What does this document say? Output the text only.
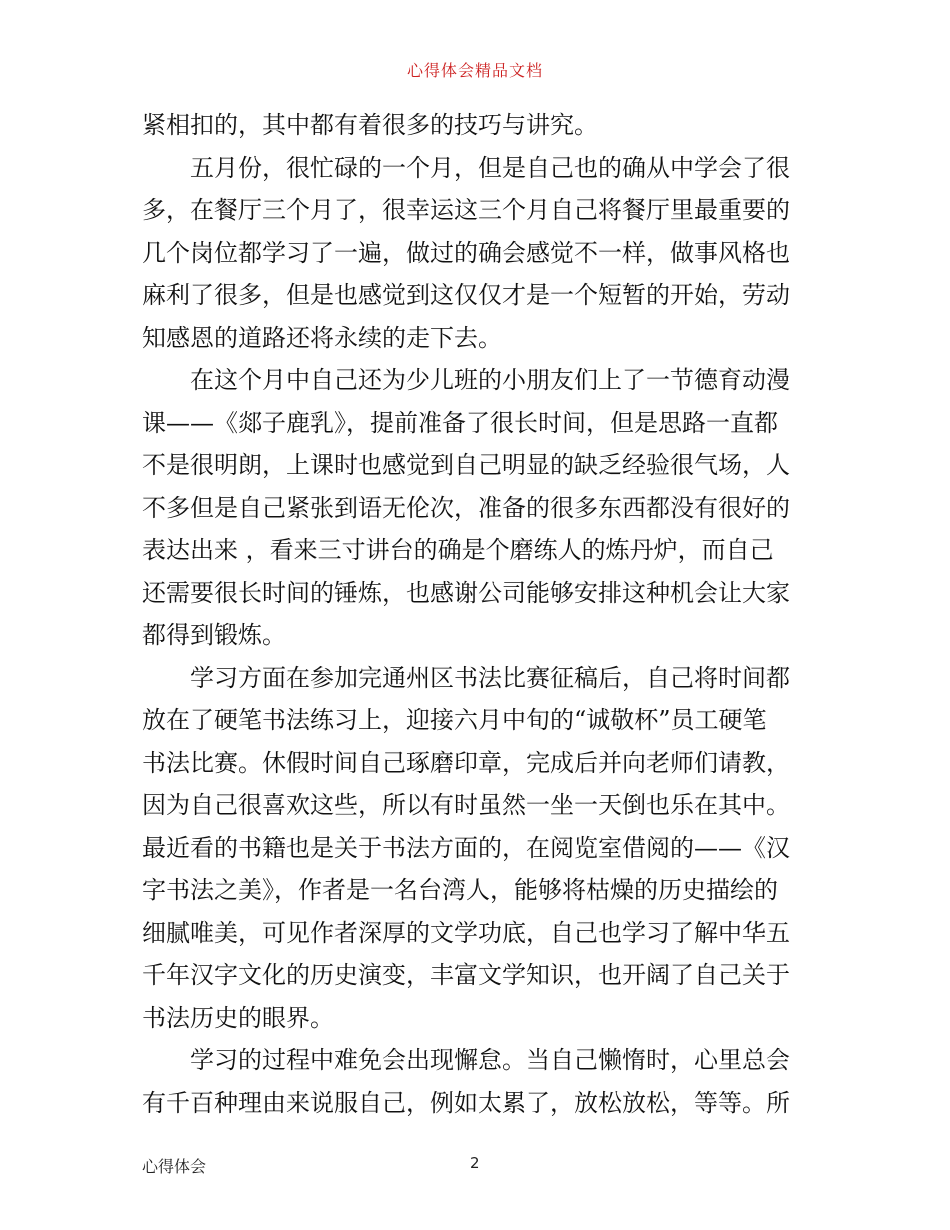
心得体会精品文档
紧相扣的，其中都有着很多的技巧与讲究。
五月份，很忙碌的一个月，但是自己也的确从中学会了很
多，在餐厅三个月了，很幸运这三个月自己将餐厅里最重要的
几个岗位都学习了一遍，做过的确会感觉不一样，做事风格也
麻利了很多，但是也感觉到这仅仅才是一个短暂的开始，劳动
知感恩的道路还将永续的走下去。
在这个月中自己还为少儿班的小朋友们上了一节德育动漫
课——《郯子鹿乳》，提前准备了很长时间，但是思路一直都
不是很明朗，上课时也感觉到自己明显的缺乏经验很气场，人
不多但是自己紧张到语无伦次，准备的很多东西都没有很好的
表达出来 ，看来三寸讲台的确是个磨练人的炼丹炉，而自己
还需要很长时间的锤炼，也感谢公司能够安排这种机会让大家
都得到锻炼。
学习方面在参加完通州区书法比赛征稿后，自己将时间都
放在了硬笔书法练习上，迎接六月中旬的“诚敬杯”员工硬笔
书法比赛。休假时间自己琢磨印章，完成后并向老师们请教，
因为自己很喜欢这些，所以有时虽然一坐一天倒也乐在其中。
最近看的书籍也是关于书法方面的，在阅览室借阅的——《汉
字书法之美》，作者是一名台湾人，能够将枯燥的历史描绘的
细腻唯美，可见作者深厚的文学功底，自己也学习了解中华五
千年汉字文化的历史演变，丰富文学知识，也开阔了自己关于
书法历史的眼界。
学习的过程中难免会出现懈怠。当自己懒惰时，心里总会
有千百种理由来说服自己，例如太累了，放松放松，等等。所
心得体会	2
